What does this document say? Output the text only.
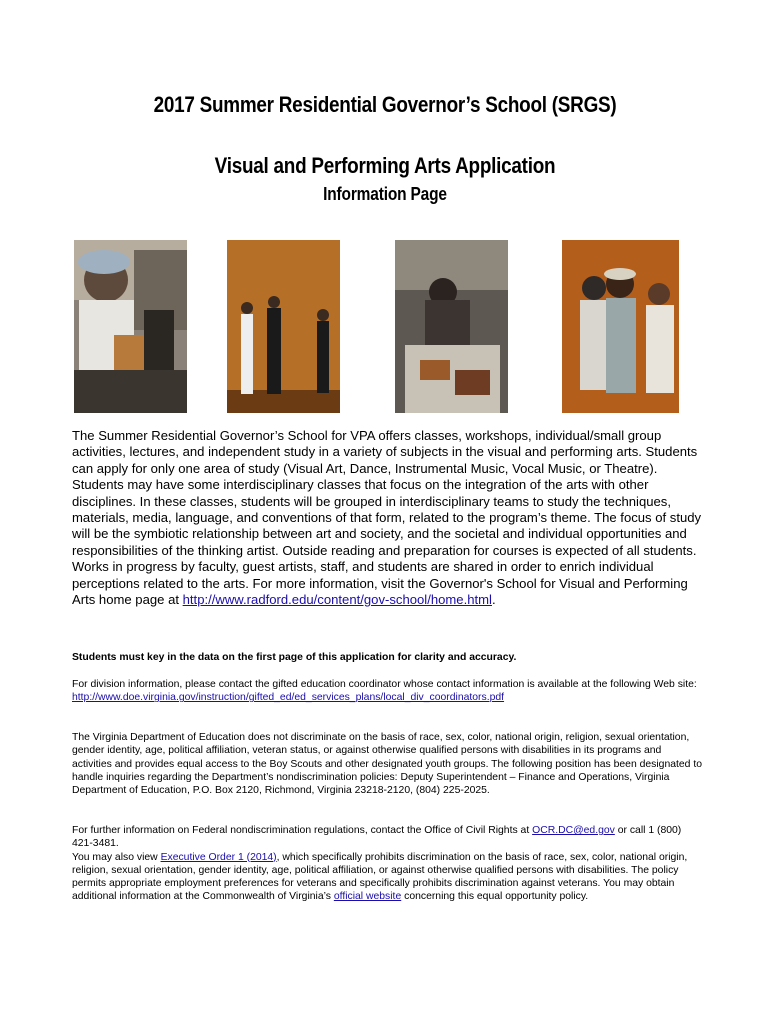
2017 Summer Residential Governor’s School (SRGS)
Visual and Performing Arts Application
Information Page
The Summer Residential Governor’s School for VPA offers classes, workshops, individual/small group activities, lectures, and independent study in a variety of subjects in the visual and performing arts. Students can apply for only one area of study (Visual Art, Dance, Instrumental Music, Vocal Music, or Theatre). Students may have some interdisciplinary classes that focus on the integration of the arts with other disciplines. In these classes, students will be grouped in interdisciplinary teams to study the techniques, materials, media, language, and conventions of that form, related to the program’s theme. The focus of study will be the symbiotic relationship between art and society, and the societal and individual opportunities and responsibilities of the thinking artist. Outside reading and preparation for courses is expected of all students. Works in progress by faculty, guest artists, staff, and students are shared in order to enrich individual perceptions related to the arts. For more information, visit the Governor's School for Visual and Performing Arts home page at http://www.radford.edu/content/gov-school/home.html.
Students must key in the data on the first page of this application for clarity and accuracy.
For division information, please contact the gifted education coordinator whose contact information is available at the following Web site: http://www.doe.virginia.gov/instruction/gifted_ed/ed_services_plans/local_div_coordinators.pdf
The Virginia Department of Education does not discriminate on the basis of race, sex, color, national origin, religion, sexual orientation, gender identity, age, political affiliation, veteran status, or against otherwise qualified persons with disabilities in its programs and activities and provides equal access to the Boy Scouts and other designated youth groups. The following position has been designated to handle inquiries regarding the Department’s nondiscrimination policies: Deputy Superintendent – Finance and Operations, Virginia Department of Education, P.O. Box 2120, Richmond, Virginia 23218-2120, (804) 225-2025.
For further information on Federal nondiscrimination regulations, contact the Office of Civil Rights at OCR.DC@ed.gov or call 1 (800) 421-3481.
You may also view Executive Order 1 (2014), which specifically prohibits discrimination on the basis of race, sex, color, national origin, religion, sexual orientation, gender identity, age, political affiliation, or against otherwise qualified persons with disabilities. The policy permits appropriate employment preferences for veterans and specifically prohibits discrimination against veterans. You may obtain additional information at the Commonwealth of Virginia’s official website concerning this equal opportunity policy.
